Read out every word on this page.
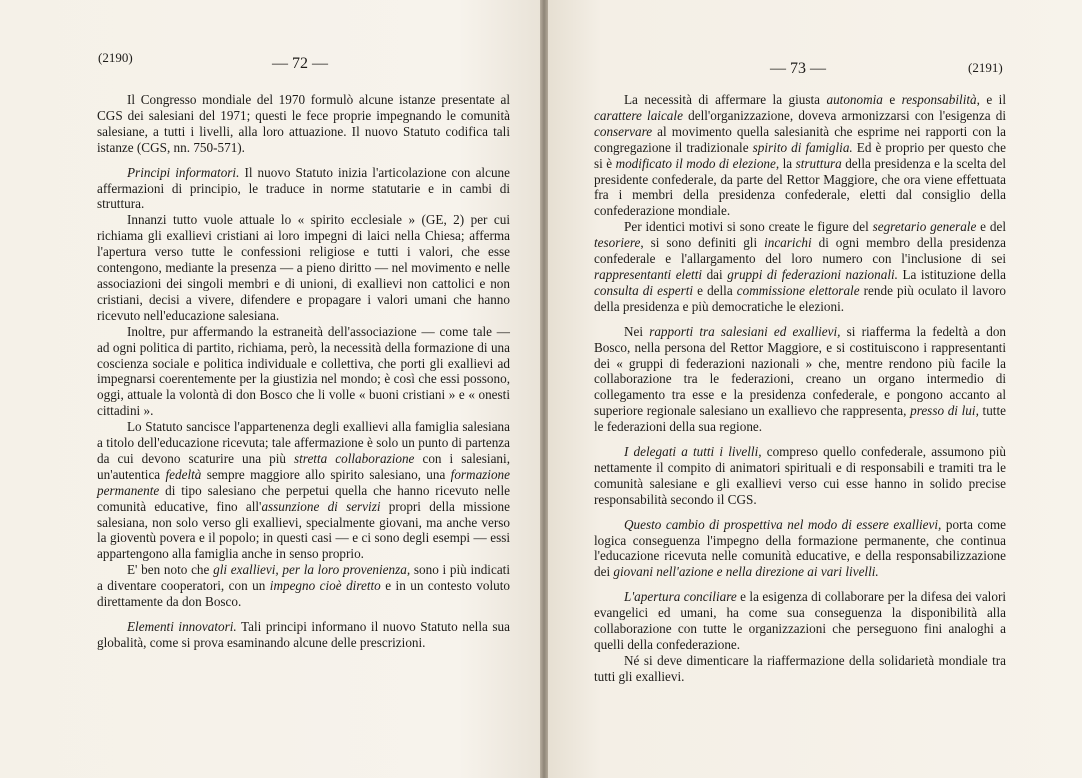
(2190)	— 72 —	— 73 —	(2191)

Il Congresso mondiale del 1970 formulò alcune istanze presentate al CGS dei salesiani del 1971; questi le fece proprie impegnando le comunità salesiane, a tutti i livelli, alla loro attuazione. Il nuovo Statuto codifica tali istanze (CGS, nn. 750-571).

Principi informatori. Il nuovo Statuto inizia l'articolazione con alcune affermazioni di principio, le traduce in norme statutarie e in cambi di struttura.

Innanzi tutto vuole attuale lo « spirito ecclesiale » (GE, 2) per cui richiama gli exallievi cristiani ai loro impegni di laici nella Chiesa; afferma l'apertura verso tutte le confessioni religiose e tutti i valori, che esse contengono, mediante la presenza — a pieno diritto — nel movimento e nelle associazioni dei singoli membri e di unioni, di exallievi non cattolici e non cristiani, decisi a vivere, difendere e propagare i valori umani che hanno ricevuto nell'educazione salesiana.

Inoltre, pur affermando la estraneità dell'associazione — come tale — ad ogni politica di partito, richiama, però, la necessità della formazione di una coscienza sociale e politica individuale e collettiva, che porti gli exallievi ad impegnarsi coerentemente per la giustizia nel mondo; è così che essi possono, oggi, attuale la volontà di don Bosco che li volle « buoni cristiani » e « onesti cittadini ».

Lo Statuto sancisce l'appartenenza degli exallievi alla famiglia salesiana a titolo dell'educazione ricevuta; tale affermazione è solo un punto di partenza da cui devono scaturire una più stretta collaborazione con i salesiani, un'autentica fedeltà sempre maggiore allo spirito salesiano, una formazione permanente di tipo salesiano che perpetui quella che hanno ricevuto nelle comunità educative, fino all'assunzione di servizi propri della missione salesiana, non solo verso gli exallievi, specialmente giovani, ma anche verso la gioventù povera e il popolo; in questi casi — e ci sono degli esempi — essi appartengono alla famiglia anche in senso proprio.

E' ben noto che gli exallievi, per la loro provenienza, sono i più indicati a diventare cooperatori, con un impegno cioè diretto e in un contesto voluto direttamente da don Bosco.

Elementi innovatori. Tali principi informano il nuovo Statuto nella sua globalità, come si prova esaminando alcune delle prescrizioni.

La necessità di affermare la giusta autonomia e responsabilità, e il carattere laicale dell'organizzazione, doveva armonizzarsi con l'esigenza di conservare al movimento quella salesianità che esprime nei rapporti con la congregazione il tradizionale spirito di famiglia. Ed è proprio per questo che si è modificato il modo di elezione, la struttura della presidenza e la scelta del presidente confederale, da parte del Rettor Maggiore, che ora viene effettuata fra i membri della presidenza confederale, eletti dal consiglio della confederazione mondiale.

Per identici motivi si sono create le figure del segretario generale e del tesoriere, si sono definiti gli incarichi di ogni membro della presidenza confederale e l'allargamento del loro numero con l'inclusione di sei rappresentanti eletti dai gruppi di federazioni nazionali. La istituzione della consulta di esperti e della commissione elettorale rende più oculato il lavoro della presidenza e più democratiche le elezioni.

Nei rapporti tra salesiani ed exallievi, si riafferma la fedeltà a don Bosco, nella persona del Rettor Maggiore, e si costituiscono i rappresentanti dei « gruppi di federazioni nazionali » che, mentre rendono più facile la collaborazione tra le federazioni, creano un organo intermedio di collegamento tra esse e la presidenza confederale, e pongono accanto al superiore regionale salesiano un exallievo che rappresenta, presso di lui, tutte le federazioni della sua regione.

I delegati a tutti i livelli, compreso quello confederale, assumono più nettamente il compito di animatori spirituali e di responsabili e tramiti tra le comunità salesiane e gli exallievi verso cui esse hanno in solido precise responsabilità secondo il CGS.

Questo cambio di prospettiva nel modo di essere exallievi, porta come logica conseguenza l'impegno della formazione permanente, che continua l'educazione ricevuta nelle comunità educative, e della responsabilizzazione dei giovani nell'azione e nella direzione ai vari livelli.

L'apertura conciliare e la esigenza di collaborare per la difesa dei valori evangelici ed umani, ha come sua conseguenza la disponibilità alla collaborazione con tutte le organizzazioni che perseguono fini analoghi a quelli della confederazione.

Né si deve dimenticare la riaffermazione della solidarietà mondiale tra tutti gli exallievi.
